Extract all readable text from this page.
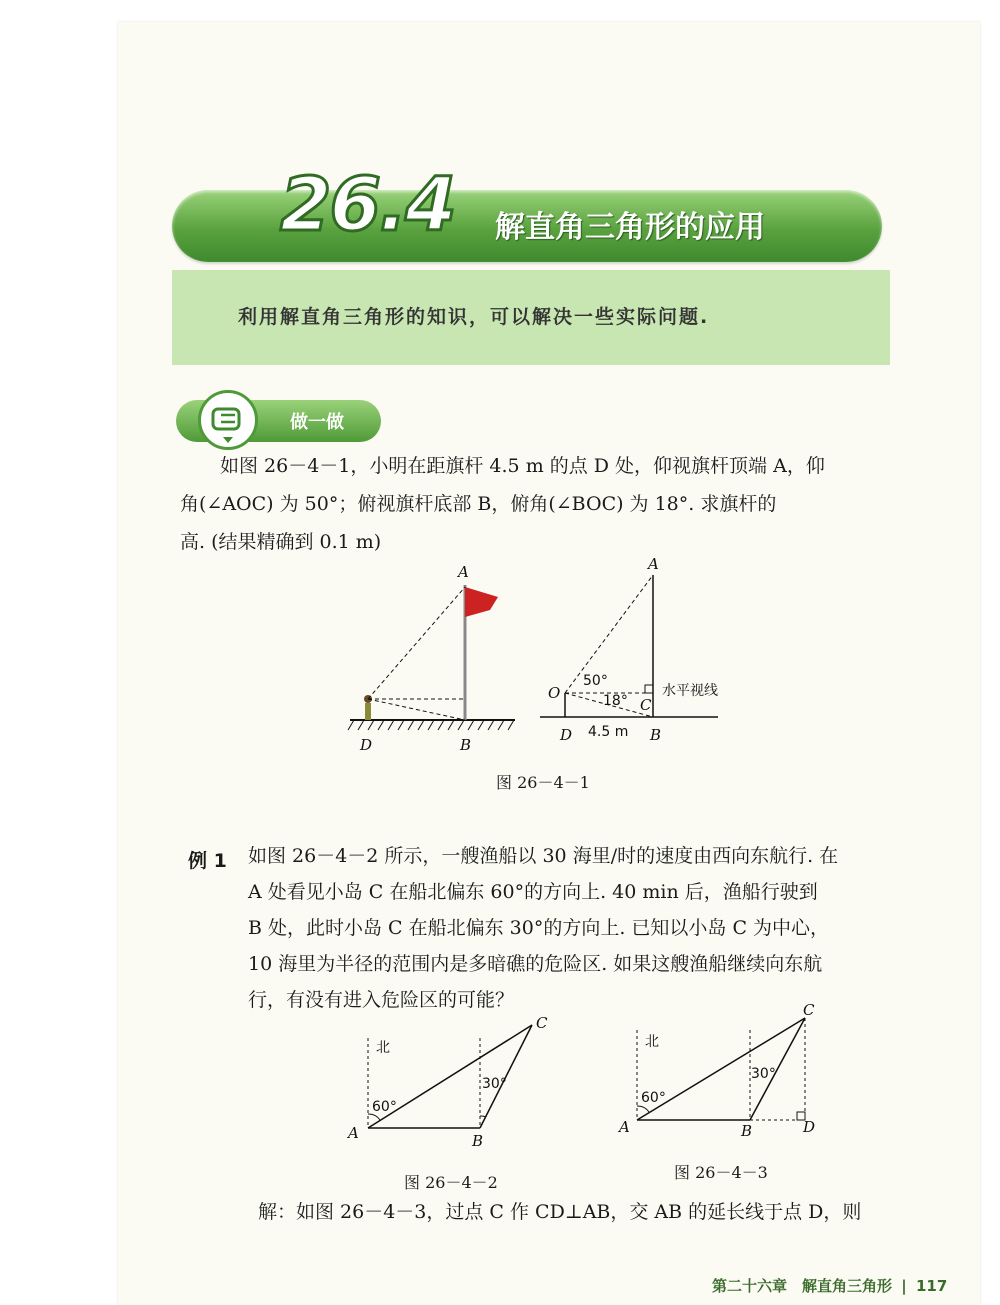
26.4 解直角三角形的应用
利用解直角三角形的知识，可以解决一些实际问题.
做一做
如图 26－4－1，小明在距旗杆 4.5 m 的点 D 处，仰视旗杆顶端 A，仰
角(∠AOC) 为 50°；俯视旗杆底部 B，俯角(∠BOC) 为 18°. 求旗杆的
高. (结果精确到 0.1 m)
A
D	B
A
O
C
D	B
50°
18°
4.5 m
水平视线
图 26－4－1
例 1 如图 26－4－2 所示，一艘渔船以 30 海里/时的速度由西向东航行. 在
A 处看见小岛 C 在船北偏东 60°的方向上. 40 min 后，渔船行驶到
B 处，此时小岛 C 在船北偏东 30°的方向上. 已知以小岛 C 为中心，
10 海里为半径的范围内是多暗礁的危险区. 如果这艘渔船继续向东航
行，有没有进入危险区的可能？
北
60°
30°
A	B
C
图 26－4－2
北
60°
30°
A	B
C
D
图 26－4－3
解：如图 26－4－3，过点 C 作 CD⊥AB，交 AB 的延长线于点 D，则
第二十六章　解直角三角形 | 117
